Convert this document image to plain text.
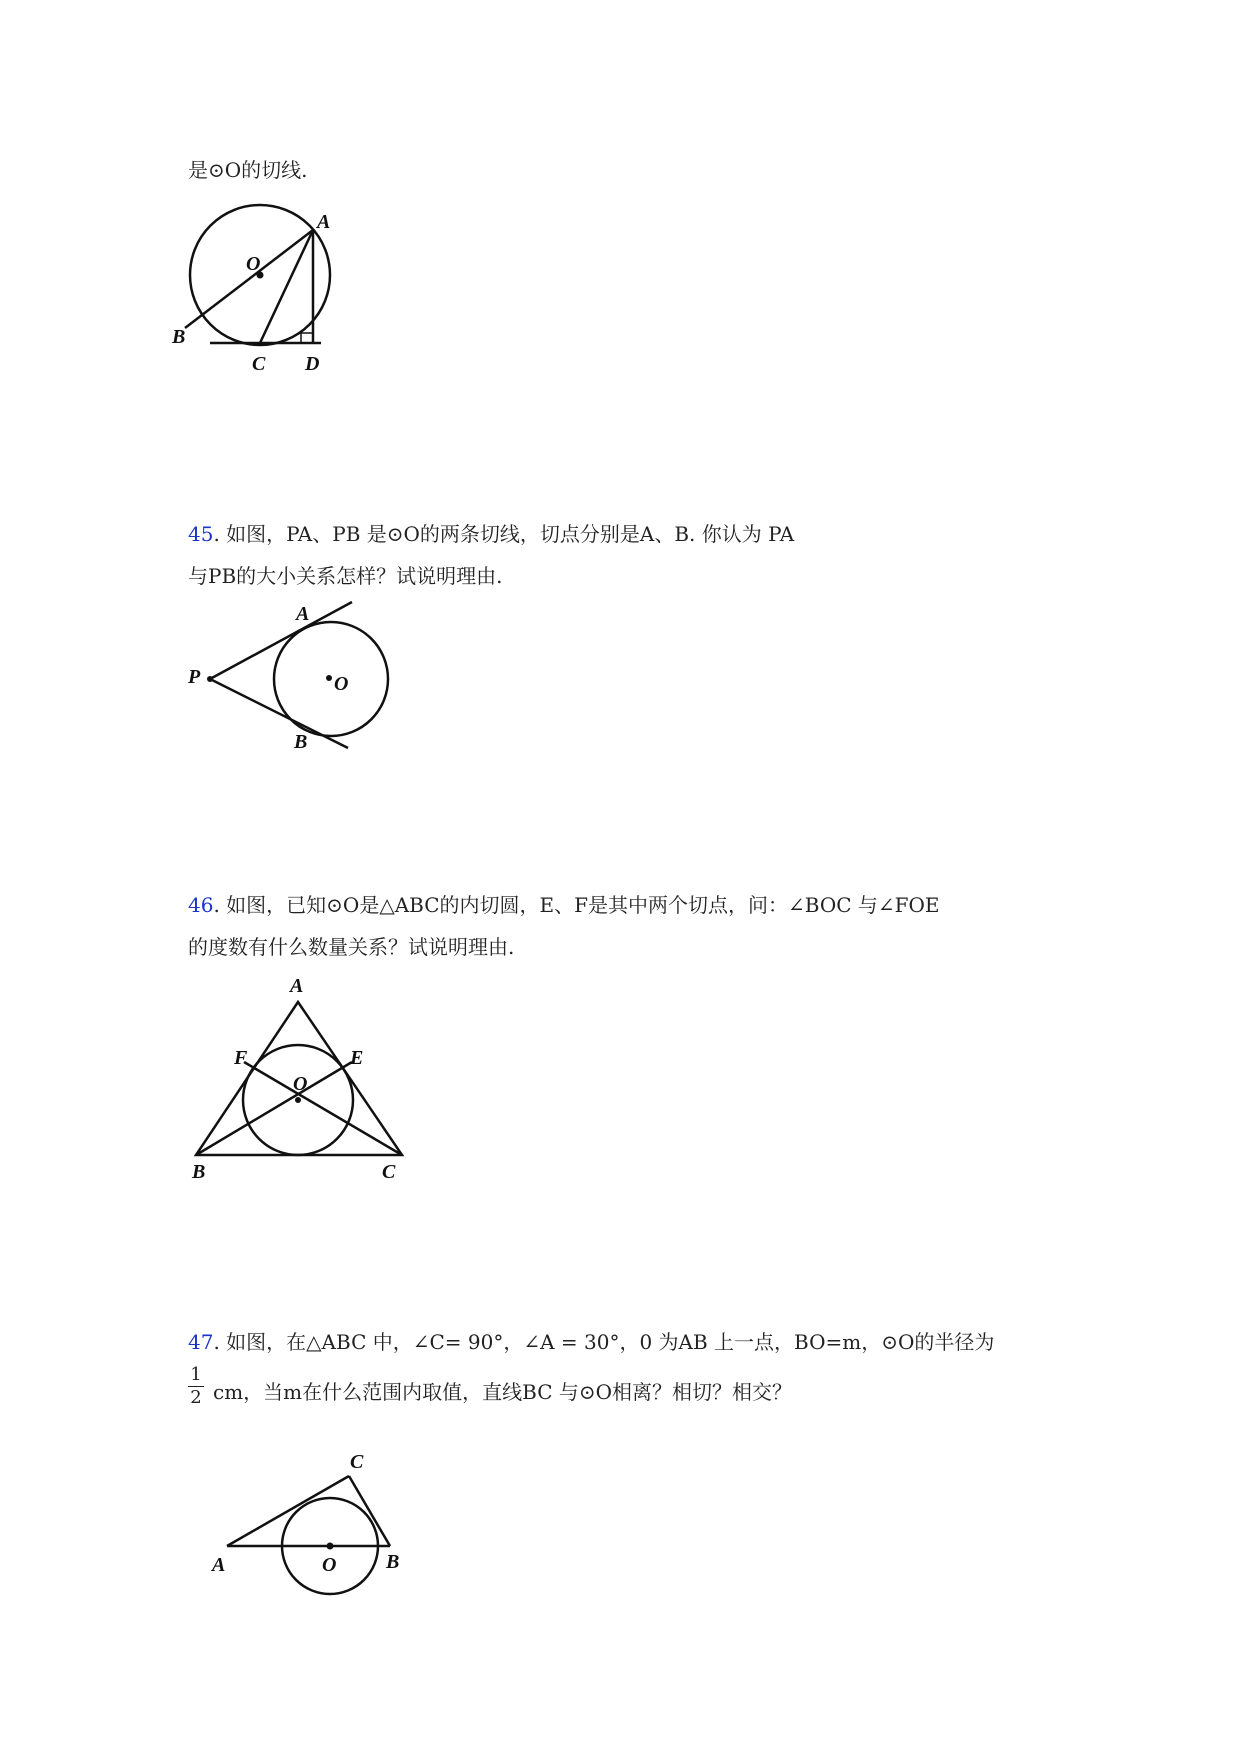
是⊙O的切线.
A
O
B
C D
45. 如图，PA、PB 是⊙O的两条切线，切点分别是A、B. 你认为 PA
与PB的大小关系怎样？试说明理由.
P
A
B
O
46. 如图，已知⊙O是△ABC的内切圆，E、F是其中两个切点，问：∠BOC 与∠FOE
的度数有什么数量关系？试说明理由.
A
F	E
O
B	C
47. 如图，在△ABC 中，∠C= 90°，∠A = 30°，0 为AB 上一点，BO=m，⊙O的半径为
1
2 cm，当m在什么范围内取值，直线BC 与⊙O相离？相切？相交？
C
A	O B
